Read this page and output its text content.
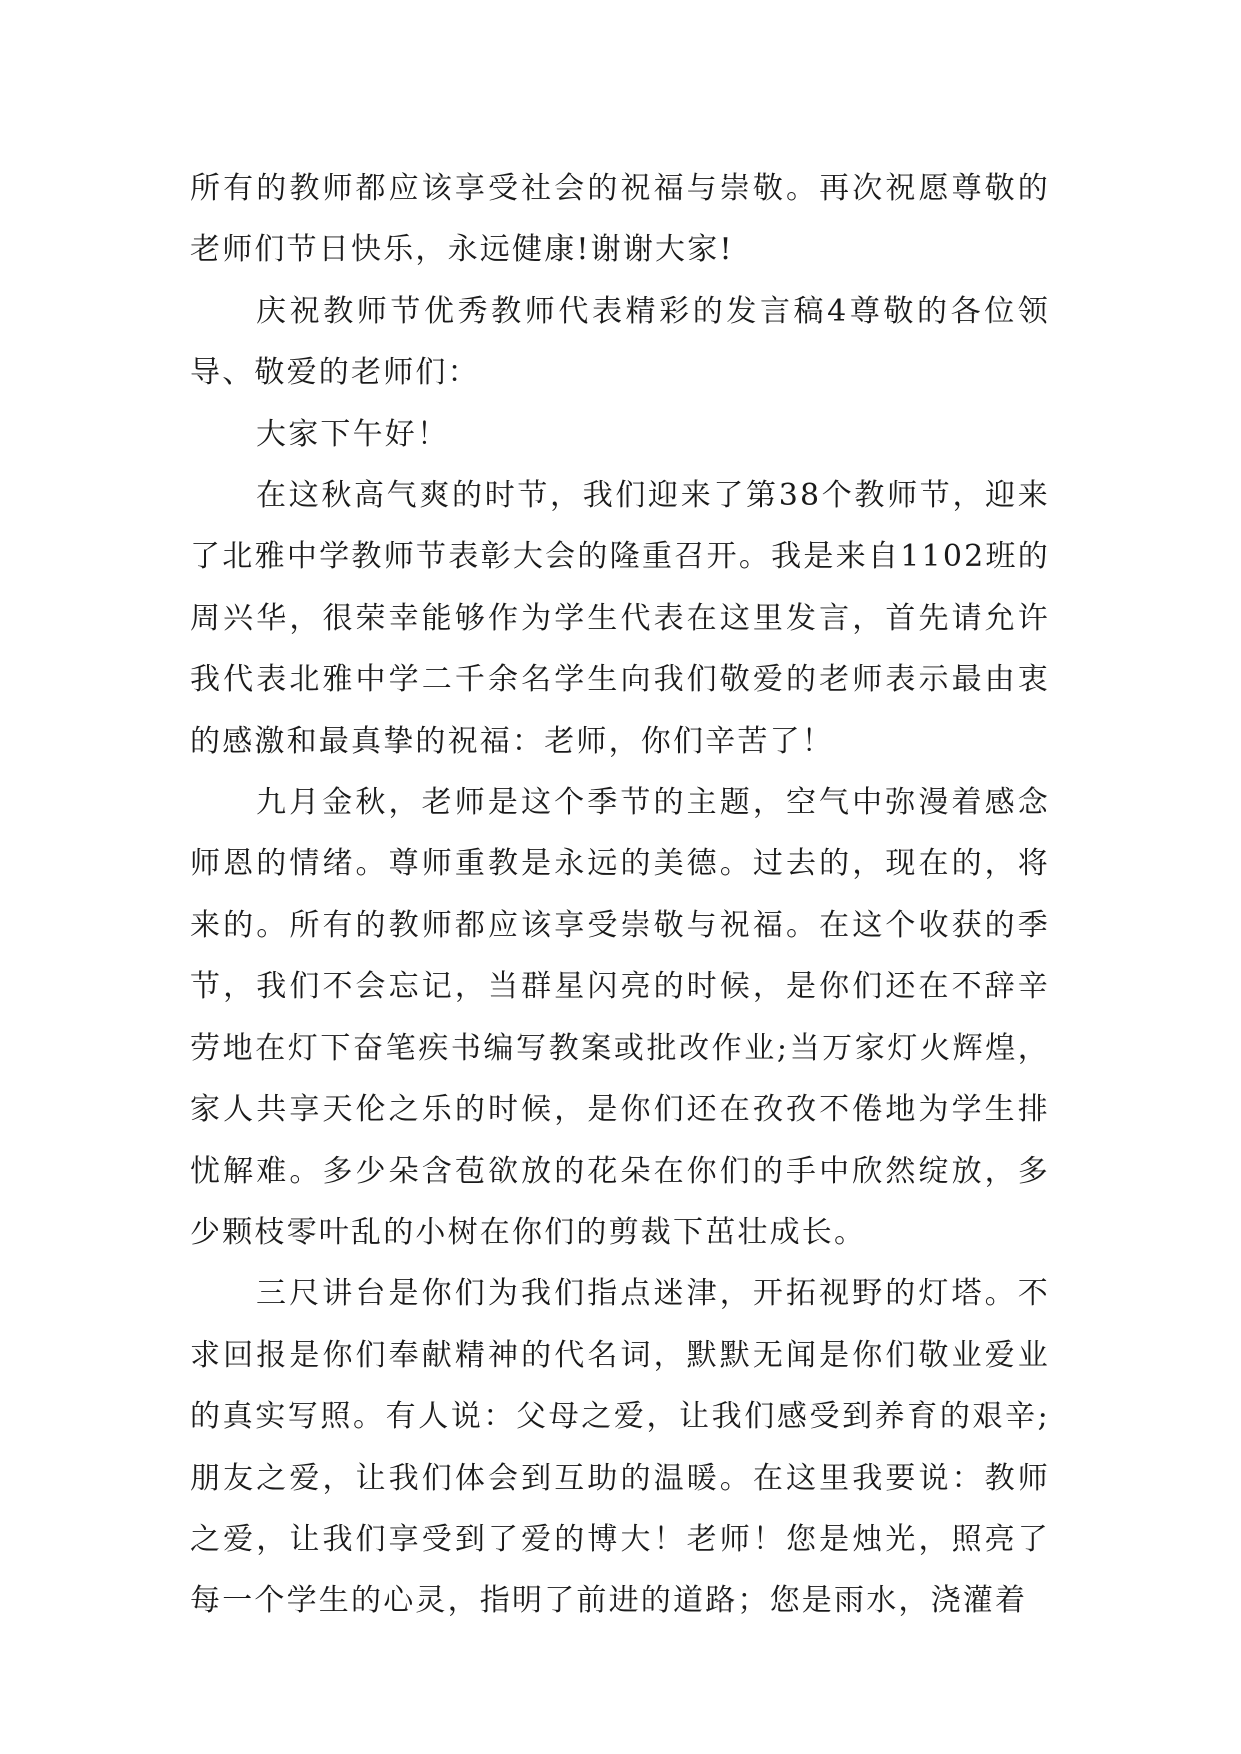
所有的教师都应该享受社会的祝福与崇敬。再次祝愿尊敬的老师们节日快乐，永远健康!谢谢大家!

庆祝教师节优秀教师代表精彩的发言稿4尊敬的各位领导、敬爱的老师们：

大家下午好！

在这秋高气爽的时节，我们迎来了第38个教师节，迎来了北雅中学教师节表彰大会的隆重召开。我是来自1102班的周兴华，很荣幸能够作为学生代表在这里发言，首先请允许我代表北雅中学二千余名学生向我们敬爱的老师表示最由衷的感激和最真挚的祝福：老师，你们辛苦了！

九月金秋，老师是这个季节的主题，空气中弥漫着感念师恩的情绪。尊师重教是永远的美德。过去的，现在的，将来的。所有的教师都应该享受崇敬与祝福。在这个收获的季节，我们不会忘记，当群星闪亮的时候，是你们还在不辞辛劳地在灯下奋笔疾书编写教案或批改作业;当万家灯火辉煌，家人共享天伦之乐的时候，是你们还在孜孜不倦地为学生排忧解难。多少朵含苞欲放的花朵在你们的手中欣然绽放，多少颗枝零叶乱的小树在你们的剪裁下茁壮成长。

三尺讲台是你们为我们指点迷津，开拓视野的灯塔。不求回报是你们奉献精神的代名词，默默无闻是你们敬业爱业的真实写照。有人说：父母之爱，让我们感受到养育的艰辛;朋友之爱，让我们体会到互助的温暖。在这里我要说：教师之爱，让我们享受到了爱的博大！老师！您是烛光，照亮了每一个学生的心灵，指明了前进的道路；您是雨水，浇灌着
